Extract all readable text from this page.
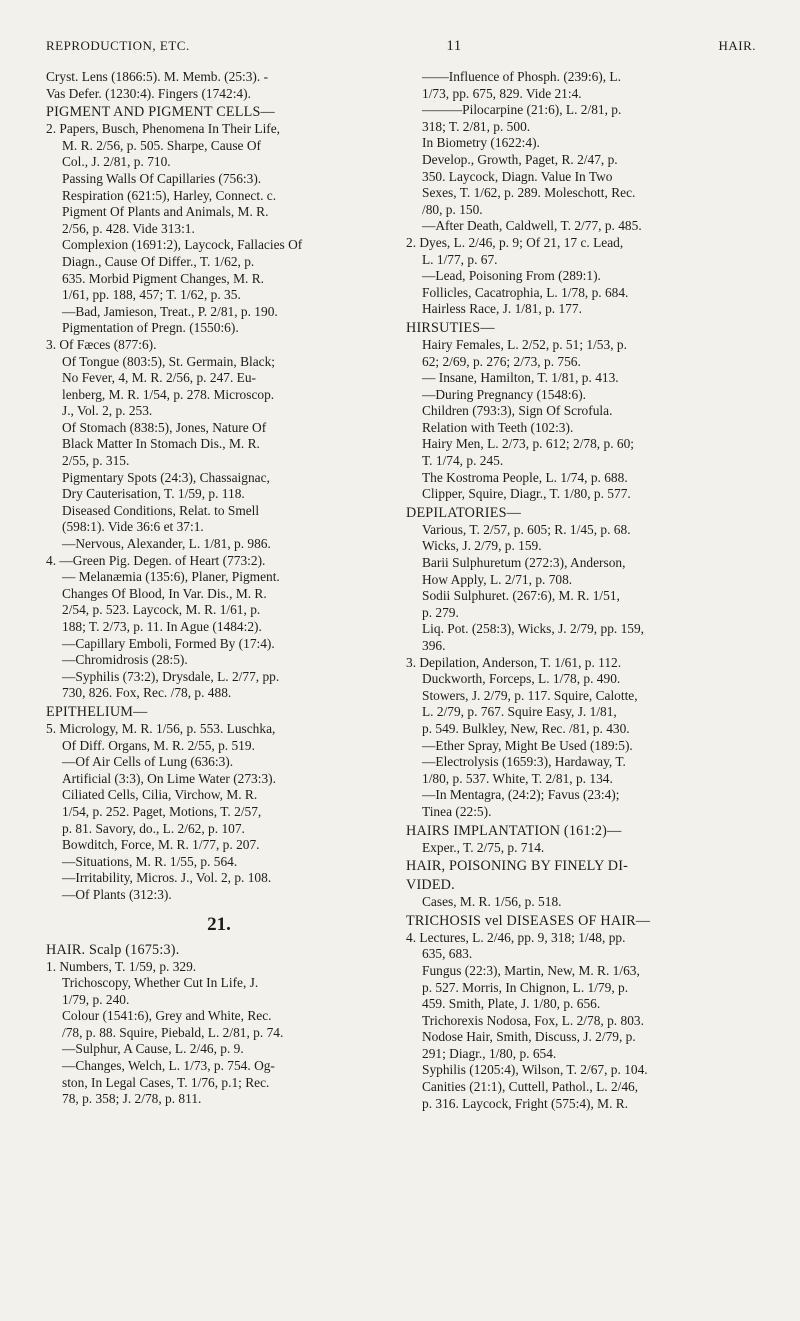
REPRODUCTION, ETC.	11	HAIR.
Cryst. Lens (1866:5). M. Memb. (25:3). -
Vas Defer. (1230:4). Fingers (1742:4).
PIGMENT AND PIGMENT CELLS—
2. Papers, Busch, Phenomena In Their Life,
M. R. 2/56, p. 505. Sharpe, Cause Of
Col., J. 2/81, p. 710.
Passing Walls Of Capillaries (756:3).
Respiration (621:5), Harley, Connect. c.
Pigment Of Plants and Animals, M. R.
2/56, p. 428. Vide 313:1.
Complexion (1691:2), Laycock, Fallacies Of
Diagn., Cause Of Differ., T. 1/62, p.
635. Morbid Pigment Changes, M. R.
1/61, pp. 188, 457; T. 1/62, p. 35.
—Bad, Jamieson, Treat., P. 2/81, p. 190.
Pigmentation of Pregn. (1550:6).
3. Of Fæces (877:6).
Of Tongue (803:5), St. Germain, Black;
No Fever, 4, M. R. 2/56, p. 247. Eu-
lenberg, M. R. 1/54, p. 278. Microscop.
J., Vol. 2, p. 253.
Of Stomach (838:5), Jones, Nature Of
Black Matter In Stomach Dis., M. R.
2/55, p. 315.
Pigmentary Spots (24:3), Chassaignac,
Dry Cauterisation, T. 1/59, p. 118.
Diseased Conditions, Relat. to Smell
(598:1). Vide 36:6 et 37:1.
—Nervous, Alexander, L. 1/81, p. 986.
4. —Green Pig. Degen. of Heart (773:2).
— Melanæmia (135:6), Planer, Pigment.
Changes Of Blood, In Var. Dis., M. R.
2/54, p. 523. Laycock, M. R. 1/61, p.
188; T. 2/73, p. 11. In Ague (1484:2).
—Capillary Emboli, Formed By (17:4).
—Chromidrosis (28:5).
—Syphilis (73:2), Drysdale, L. 2/77, pp.
730, 826. Fox, Rec. /78, p. 488.
EPITHELIUM—
5. Micrology, M. R. 1/56, p. 553. Luschka,
Of Diff. Organs, M. R. 2/55, p. 519.
—Of Air Cells of Lung (636:3).
Artificial (3:3), On Lime Water (273:3).
Ciliated Cells, Cilia, Virchow, M. R.
1/54, p. 252. Paget, Motions, T. 2/57,
p. 81. Savory, do., L. 2/62, p. 107.
Bowditch, Force, M. R. 1/77, p. 207.
—Situations, M. R. 1/55, p. 564.
—Irritability, Micros. J., Vol. 2, p. 108.
—Of Plants (312:3).
21.
HAIR. Scalp (1675:3).
1. Numbers, T. 1/59, p. 329.
Trichoscopy, Whether Cut In Life, J.
1/79, p. 240.
Colour (1541:6), Grey and White, Rec.
/78, p. 88. Squire, Piebald, L. 2/81, p. 74.
—Sulphur, A Cause, L. 2/46, p. 9.
—Changes, Welch, L. 1/73, p. 754. Og-
ston, In Legal Cases, T. 1/76, p.1; Rec.
78, p. 358; J. 2/78, p. 811.
——Influence of Phosph. (239:6), L.
1/73, pp. 675, 829. Vide 21:4.
———Pilocarpine (21:6), L. 2/81, p.
318; T. 2/81, p. 500.
In Biometry (1622:4).
Develop., Growth, Paget, R. 2/47, p.
350. Laycock, Diagn. Value In Two
Sexes, T. 1/62, p. 289. Moleschott, Rec.
/80, p. 150.
—After Death, Caldwell, T. 2/77, p. 485.
2. Dyes, L. 2/46, p. 9; Of 21, 17 c. Lead,
L. 1/77, p. 67.
—Lead, Poisoning From (289:1).
Follicles, Cacatrophia, L. 1/78, p. 684.
Hairless Race, J. 1/81, p. 177.
HIRSUTIES—
Hairy Females, L. 2/52, p. 51; 1/53, p.
62; 2/69, p. 276; 2/73, p. 756.
— Insane, Hamilton, T. 1/81, p. 413.
—During Pregnancy (1548:6).
Children (793:3), Sign Of Scrofula.
Relation with Teeth (102:3).
Hairy Men, L. 2/73, p. 612; 2/78, p. 60;
T. 1/74, p. 245.
The Kostroma People, L. 1/74, p. 688.
Clipper, Squire, Diagr., T. 1/80, p. 577.
DEPILATORIES—
Various, T. 2/57, p. 605; R. 1/45, p. 68.
Wicks, J. 2/79, p. 159.
Barii Sulphuretum (272:3), Anderson,
How Apply, L. 2/71, p. 708.
Sodii Sulphuret. (267:6), M. R. 1/51,
p. 279.
Liq. Pot. (258:3), Wicks, J. 2/79, pp. 159,
396.
3. Depilation, Anderson, T. 1/61, p. 112.
Duckworth, Forceps, L. 1/78, p. 490.
Stowers, J. 2/79, p. 117. Squire, Calotte,
L. 2/79, p. 767. Squire Easy, J. 1/81,
p. 549. Bulkley, New, Rec. /81, p. 430.
—Ether Spray, Might Be Used (189:5).
—Electrolysis (1659:3), Hardaway, T.
1/80, p. 537. White, T. 2/81, p. 134.
—In Mentagra, (24:2); Favus (23:4);
Tinea (22:5).
HAIRS IMPLANTATION (161:2)—
Exper., T. 2/75, p. 714.
HAIR, POISONING BY FINELY DI-
VIDED.
Cases, M. R. 1/56, p. 518.
TRICHOSIS vel DISEASES OF HAIR—
4. Lectures, L. 2/46, pp. 9, 318; 1/48, pp.
635, 683.
Fungus (22:3), Martin, New, M. R. 1/63,
p. 527. Morris, In Chignon, L. 1/79, p.
459. Smith, Plate, J. 1/80, p. 656.
Trichorexis Nodosa, Fox, L. 2/78, p. 803.
Nodose Hair, Smith, Discuss, J. 2/79, p.
291; Diagr., 1/80, p. 654.
Syphilis (1205:4), Wilson, T. 2/67, p. 104.
Canities (21:1), Cuttell, Pathol., L. 2/46,
p. 316. Laycock, Fright (575:4), M. R.
